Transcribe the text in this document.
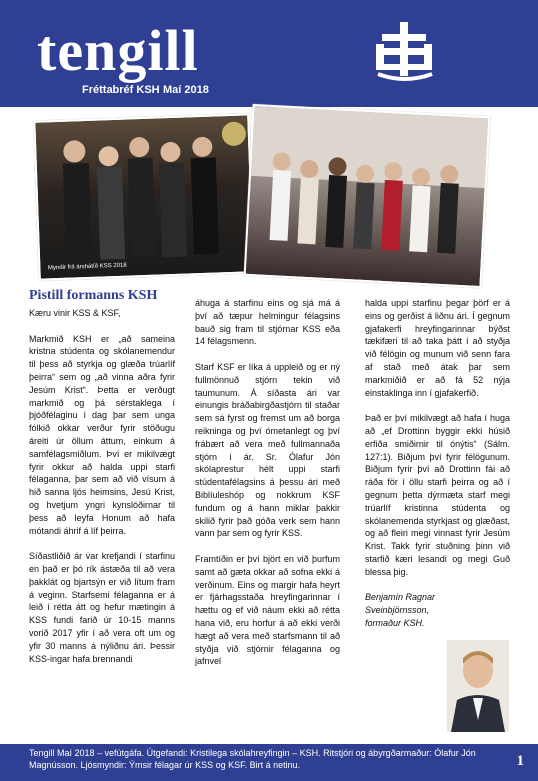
tengill
Fréttabréf KSH Maí 2018
Myndir frá árshátíð KSS 2018
Pistill formanns KSH

Kæru vinir KSS & KSF,

Markmið KSH er „að sameina kristna stúdenta og skólanemendur til þess að styrkja og glæða trúarlíf þeirra“ sem og „að vinna aðra fyrir Jesúm Krist“. Þetta er verðugt markmið og þá sérstaklega í þjóðfélaginu í dag þar sem unga fólkið okkar verður fyrir stöðugu áreiti úr öllum áttum, einkum á samfélagsmiðlum. Því er mikilvægt fyrir okkur að halda uppi starfi félaganna, þar sem að við vísum á hið sanna ljós heimsins, Jesú Krist, og hvetjum yngri kynslóðirnar til þess að leyfa Honum að hafa mótandi áhrif á líf þeirra.

Síðastliðið ár var krefjandi í starfinu en það er þó rík ástæða til að vera þakklát og bjartsýn er við lítum fram á veginn. Starfsemi félaganna er á leið í rétta átt og hefur mætingin á KSS fundi farið úr 10-15 manns vorið 2017 yfir í að vera oft um og yfir 30 manns á nýliðnu ári. Þessir KSS-ingar hafa brennandi

áhuga á starfinu eins og sjá má á því að tæpur helmingur félagsins bauð sig fram til stjórnar KSS eða 14 félagsmenn.

Starf KSF er líka á uppleið og er ný fullmönnuð stjórn tekin við taumunum. Á síðasta ári var einungis bráðabirgðastjórn til staðar sem sá fyrst og fremst um að borga reikninga og því ómetanlegt og því frábært að vera með fullmannaða stjórn í ár. Sr. Ólafur Jón skólaprestur hélt uppi starfi stúdentafélagsins á þessu ári með Biblíuleshóp og nokkrum KSF fundum og á hann miklar þakkir skilið fyrir það góða verk sem hann vann þar sem og fyrir KSS.

Framtíðin er því björt en við þurfum samt að gæta okkar að sofna ekki á verðinum. Eins og margir hafa heyrt er fjárhagsstaða hreyfingarinnar í hættu og ef við náum ekki að rétta hana við, eru horfur á að ekki verði hægt að vera með starfsmann til að styðja við stjórnir félaganna og jafnvel

halda uppi starfinu þegar þörf er á eins og gerðist á liðnu ári. Í gegnum gjafakerfi hreyfingarinnar býðst tækifæri til að taka þátt í að styðja við félögin og munum við senn fara af stað með átak þar sem markmiðið er að fá 52 nýja einstaklinga inn í gjafakerfið.

Það er því mikilvægt að hafa í huga að „ef Drottinn byggir ekki húsið erfiða smiðirnir til ónýtis“ (Sálm. 127:1). Biðjum því fyrir félögunum. Biðjum fyrir því að Drottinn fái að ráða för í öllu starfi þeirra og að í gegnum þetta dýrmæta starf megi trúarlíf kristinna stúdenta og skólanemenda styrkjast og glæðast, og að fleiri megi vinnast fyrir Jesúm Krist. Takk fyrir stuðning þinn við starfið kæri lesandi og megi Guð blessa þig.

Benjamín Ragnar Sveinbjörnsson,
formaður KSH.
Tengill Maí 2018 – vefútgáfa. Útgefandi: Kristilega skólahreyfingin – KSH. Ritstjóri og ábyrgðarmaður: Ólafur Jón Magnússon. Ljósmyndir: Ýmsir félagar úr KSS og KSF. Birt á netinu.	1
